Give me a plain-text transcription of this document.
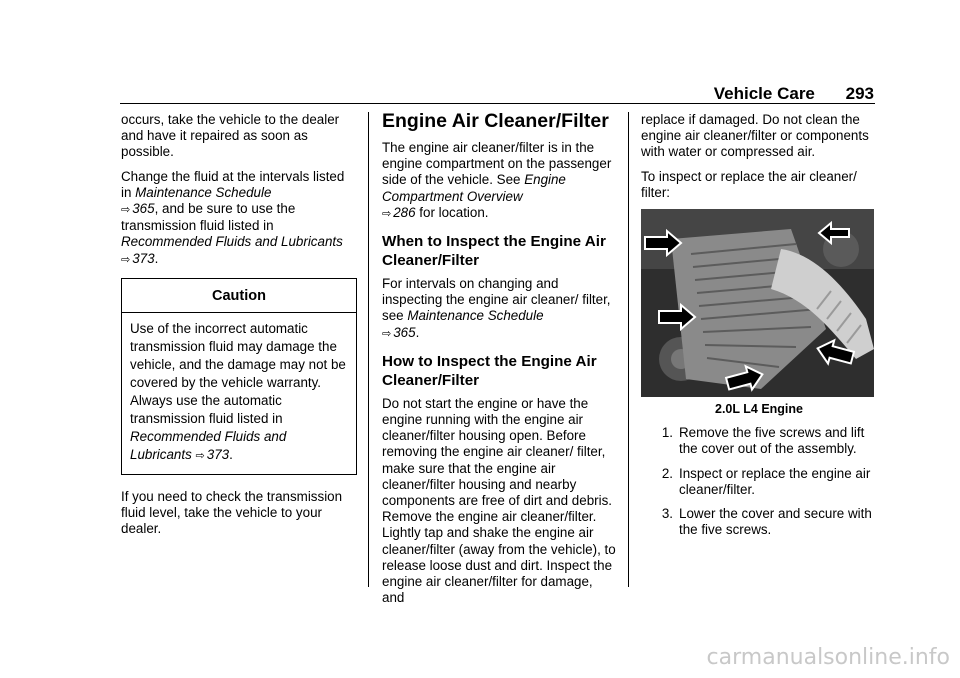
Vehicle Care 293

occurs, take the vehicle to the dealer and have it repaired as soon as possible.

Change the fluid at the intervals listed in Maintenance Schedule
⇨ 365, and be sure to use the transmission fluid listed in Recommended Fluids and Lubricants ⇨ 373.

Caution
Use of the incorrect automatic transmission fluid may damage the vehicle, and the damage may not be covered by the vehicle warranty. Always use the automatic transmission fluid listed in Recommended Fluids and Lubricants ⇨ 373.

If you need to check the transmission fluid level, take the vehicle to your dealer.

Engine Air Cleaner/Filter

The engine air cleaner/filter is in the engine compartment on the passenger side of the vehicle. See Engine Compartment Overview
⇨ 286 for location.

When to Inspect the Engine Air Cleaner/Filter

For intervals on changing and inspecting the engine air cleaner/ filter, see Maintenance Schedule
⇨ 365.

How to Inspect the Engine Air Cleaner/Filter

Do not start the engine or have the engine running with the engine air cleaner/filter housing open. Before removing the engine air cleaner/ filter, make sure that the engine air cleaner/filter housing and nearby components are free of dirt and debris. Remove the engine air cleaner/filter. Lightly tap and shake the engine air cleaner/filter (away from the vehicle), to release loose dust and dirt. Inspect the engine air cleaner/filter for damage, and

replace if damaged. Do not clean the engine air cleaner/filter or components with water or compressed air.

To inspect or replace the air cleaner/ filter:

2.0L L4 Engine
1. Remove the five screws and lift the cover out of the assembly.
2. Inspect or replace the engine air cleaner/filter.
3. Lower the cover and secure with the five screws.
carmanualsonline.info
